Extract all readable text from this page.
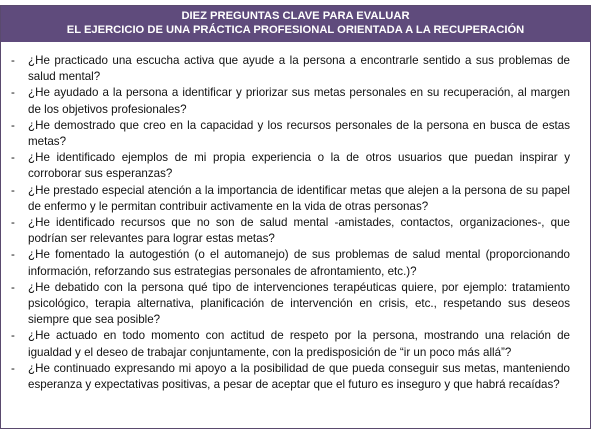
DIEZ PREGUNTAS CLAVE PARA EVALUAR
EL EJERCICIO DE UNA PRÁCTICA PROFESIONAL ORIENTADA A LA RECUPERACIÓN
-	¿He practicado una escucha activa que ayude a la persona a encontrarle sentido a sus problemas de salud mental?
-	¿He ayudado a la persona a identificar y priorizar sus metas personales en su recuperación, al margen de los objetivos profesionales?
-	¿He demostrado que creo en la capacidad y los recursos personales de la persona en busca de estas metas?
-	¿He identificado ejemplos de mi propia experiencia o la de otros usuarios que puedan inspirar y corroborar sus esperanzas?
-	¿He prestado especial atención a la importancia de identificar metas que alejen a la persona de su papel de enfermo y le permitan contribuir activamente en la vida de otras personas?
-	¿He identificado recursos que no son de salud mental -amistades, contactos, organizaciones-, que podrían ser relevantes para lograr estas metas?
-	¿He fomentado la autogestión (o el automanejo) de sus problemas de salud mental (proporcionando información, reforzando sus estrategias personales de afrontamiento, etc.)?
-	¿He debatido con la persona qué tipo de intervenciones terapéuticas quiere, por ejemplo: tratamiento psicológico, terapia alternativa, planificación de intervención en crisis, etc., respetando sus deseos siempre que sea posible?
-	¿He actuado en todo momento con actitud de respeto por la persona, mostrando una relación de igualdad y el deseo de trabajar conjuntamente, con la predisposición de “ir un poco más allá”?
-	¿He continuado expresando mi apoyo a la posibilidad de que pueda conseguir sus metas, manteniendo esperanza y expectativas positivas, a pesar de aceptar que el futuro es inseguro y que habrá recaídas?
